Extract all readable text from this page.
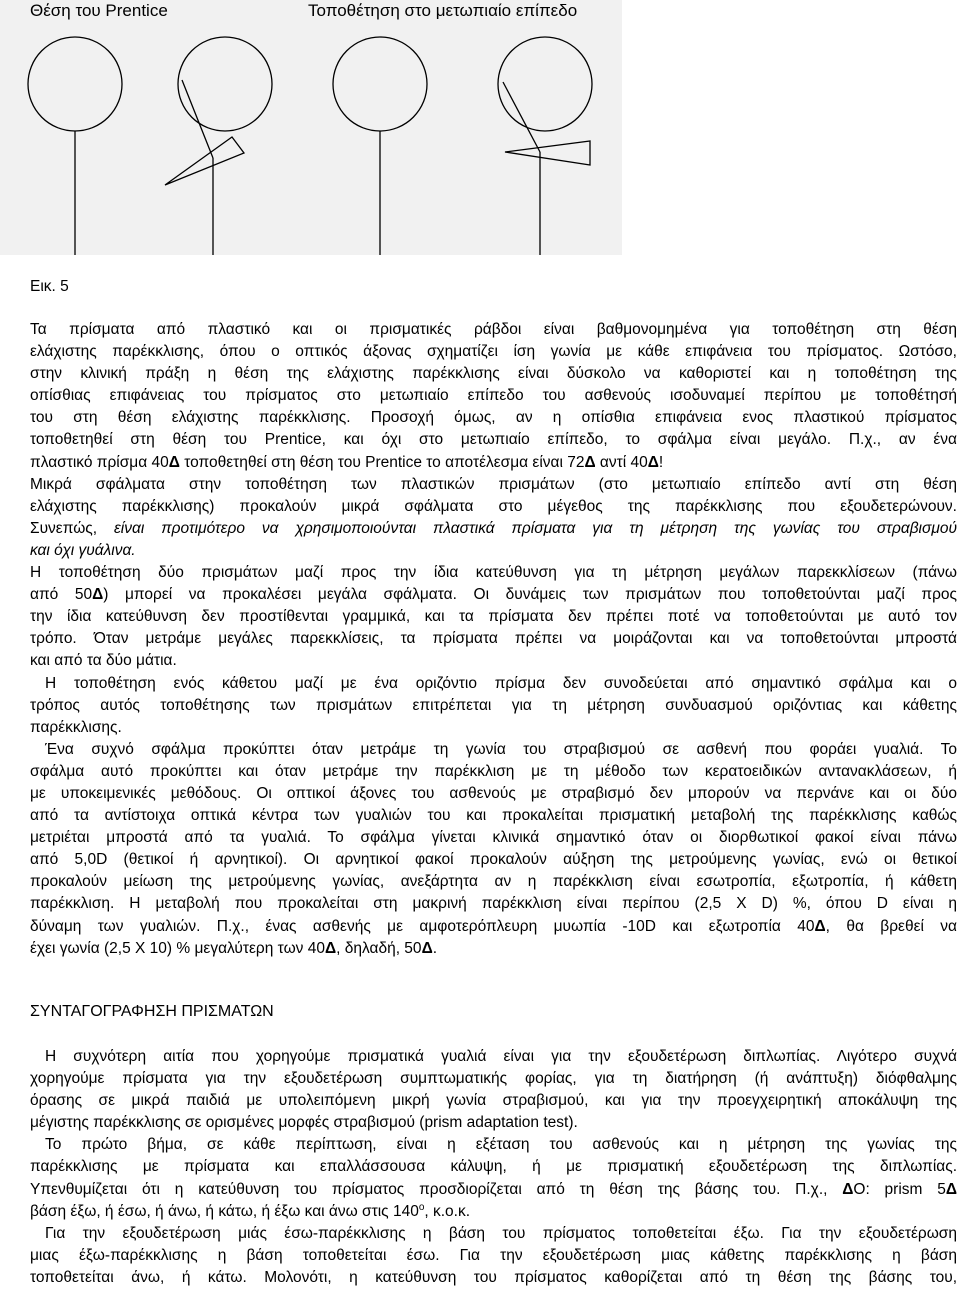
Θέση του Prentice	Τοποθέτηση στο μετωπιαίο επίπεδο
Εικ. 5
Τα πρίσματα από πλαστικό και οι πρισματικές ράβδοι είναι βαθμονομημένα για τοποθέτηση στη θέση
ελάχιστης παρέκκλισης, όπου ο οπτικός άξονας σχηματίζει ίση γωνία με κάθε επιφάνεια του πρίσματος. Ωστόσο,
στην κλινική πράξη η θέση της ελάχιστης παρέκκλισης είναι δύσκολο να καθοριστεί και η τοποθέτηση της
οπίσθιας επιφάνειας του πρίσματος στο μετωπιαίο επίπεδο του ασθενούς ισοδυναμεί περίπου με τοποθέτησή
του στη θέση ελάχιστης παρέκκλισης. Προσοχή όμως, αν η οπίσθια επιφάνεια ενος πλαστικού πρίσματος
τοποθετηθεί στη θέση του Prentice, και όχι στο μετωπιαίο επίπεδο, το σφάλμα είναι μεγάλο. Π.χ., αν ένα
πλαστικό πρίσμα 40Δ τοποθετηθεί στη θέση του Prentice το αποτέλεσμα είναι 72Δ αντί 40Δ!
Μικρά σφάλματα στην τοποθέτηση των πλαστικών πρισμάτων (στο μετωπιαίο επίπεδο αντί στη θέση
ελάχιστης παρέκκλισης) προκαλούν μικρά σφάλματα στο μέγεθος της παρέκκλισης που εξουδετερώνουν.
Συνεπώς, είναι προτιμότερο να χρησιμοποιούνται πλαστικά πρίσματα για τη μέτρηση της γωνίας του στραβισμού
και όχι γυάλινα.
Η τοποθέτηση δύο πρισμάτων μαζί προς την ίδια κατεύθυνση για τη μέτρηση μεγάλων παρεκκλίσεων (πάνω
από 50Δ) μπορεί να προκαλέσει μεγάλα σφάλματα. Οι δυνάμεις των πρισμάτων που τοποθετούνται μαζί προς
την ίδια κατεύθυνση δεν προστίθενται γραμμικά, και τα πρίσματα δεν πρέπει ποτέ να τοποθετούνται με αυτό τον
τρόπο. Όταν μετράμε μεγάλες παρεκκλίσεις, τα πρίσματα πρέπει να μοιράζονται και να τοποθετούνται μπροστά
και από τα δύο μάτια.
Η τοποθέτηση ενός κάθετου μαζί με ένα οριζόντιο πρίσμα δεν συνοδεύεται από σημαντικό σφάλμα και ο
τρόπος αυτός τοποθέτησης των πρισμάτων επιτρέπεται για τη μέτρηση συνδυασμού οριζόντιας και κάθετης
παρέκκλισης.
Ένα συχνό σφάλμα προκύπτει όταν μετράμε τη γωνία του στραβισμού σε ασθενή που φοράει γυαλιά. Το
σφάλμα αυτό προκύπτει και όταν μετράμε την παρέκκλιση με τη μέθοδο των κερατοειδικών αντανακλάσεων, ή
με υποκειμενικές μεθόδους. Οι οπτικοί άξονες του ασθενούς με στραβισμό δεν μπορούν να περνάνε και οι δύο
από τα αντίστοιχα οπτικά κέντρα των γυαλιών του και προκαλείται πρισματική μεταβολή της παρέκκλισης καθώς
μετριέται μπροστά από τα γυαλιά. Το σφάλμα γίνεται κλινικά σημαντικό όταν οι διορθωτικοί φακοί είναι πάνω
από 5,0D (θετικοί ή αρνητικοί). Οι αρνητικοί φακοί προκαλούν αύξηση της μετρούμενης γωνίας, ενώ οι θετικοί
προκαλούν μείωση της μετρούμενης γωνίας, ανεξάρτητα αν η παρέκκλιση είναι εσωτροπία, εξωτροπία, ή κάθετη
παρέκκλιση. Η μεταβολή που προκαλείται στη μακρινή παρέκκλιση είναι περίπου (2,5 Χ D) %, όπου D είναι η
δύναμη των γυαλιών. Π.χ., ένας ασθενής με αμφοτερόπλευρη μυωπία -10D και εξωτροπία 40Δ, θα βρεθεί να
έχει γωνία (2,5 Χ 10) % μεγαλύτερη των 40Δ, δηλαδή, 50Δ.
ΣΥΝΤΑΓΟΓΡΑΦΗΣΗ ΠΡΙΣΜΑΤΩΝ
Η συχνότερη αιτία που χορηγούμε πρισματικά γυαλιά είναι για την εξουδετέρωση διπλωπίας. Λιγότερο συχνά
χορηγούμε πρίσματα για την εξουδετέρωση συμπτωματικής φορίας, για τη διατήρηση (ή ανάπτυξη) διόφθαλμης
όρασης σε μικρά παιδιά με υπολειπόμενη μικρή γωνία στραβισμού, και για την προεγχειρητική αποκάλυψη της
μέγιστης παρέκκλισης σε ορισμένες μορφές στραβισμού (prism adaptation test).
Το πρώτο βήμα, σε κάθε περίπτωση, είναι η εξέταση του ασθενούς και η μέτρηση της γωνίας της
παρέκκλισης με πρίσματα και επαλλάσσουσα κάλυψη, ή με πρισματική εξουδετέρωση της διπλωπίας.
Υπενθυμίζεται ότι η κατεύθυνση του πρίσματος προσδιορίζεται από τη θέση της βάσης του. Π.χ., ΔΟ: prism 5Δ
βάση έξω, ή έσω, ή άνω, ή κάτω, ή έξω και άνω στις 140$^o$, κ.ο.κ.
Για την εξουδετέρωση μιάς έσω-παρέκκλισης η βάση του πρίσματος τοποθετείται έξω. Για την εξουδετέρωση
μιας έξω-παρέκκλισης η βάση τοποθετείται έσω. Για την εξουδετέρωση μιας κάθετης παρέκκλισης η βάση
τοποθετείται άνω, ή κάτω. Μολονότι, η κατεύθυνση του πρίσματος καθορίζεται από τη θέση της βάσης του,
